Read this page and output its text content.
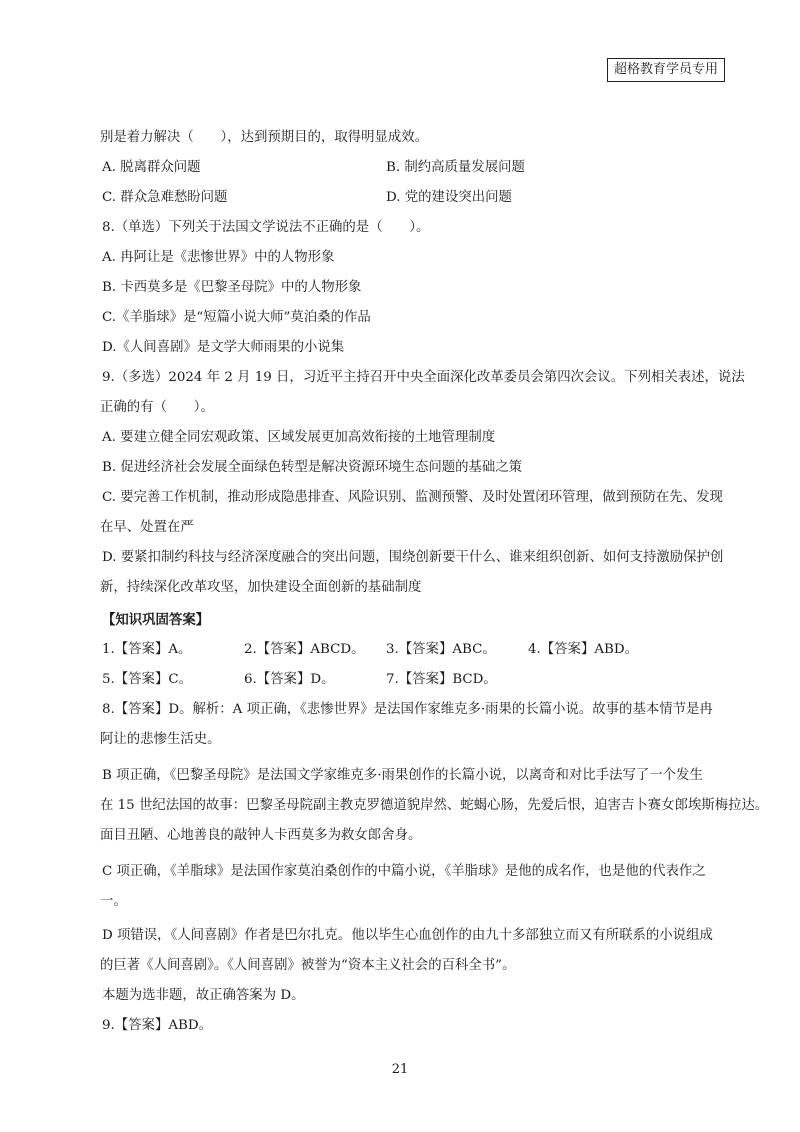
超格教育学员专用
别是着力解决（　　），达到预期目的，取得明显成效。
A. 脱离群众问题	B. 制约高质量发展问题
C. 群众急难愁盼问题	D. 党的建设突出问题
8.（单选）下列关于法国文学说法不正确的是（　　）。
A. 冉阿让是《悲惨世界》中的人物形象
B. 卡西莫多是《巴黎圣母院》中的人物形象
C.《羊脂球》是“短篇小说大师”莫泊桑的作品
D.《人间喜剧》是文学大师雨果的小说集
9.（多选）2024 年 2 月 19 日，习近平主持召开中央全面深化改革委员会第四次会议。下列相关表述，说法
正确的有（　　）。
A. 要建立健全同宏观政策、区域发展更加高效衔接的土地管理制度
B. 促进经济社会发展全面绿色转型是解决资源环境生态问题的基础之策
C. 要完善工作机制，推动形成隐患排查、风险识别、监测预警、及时处置闭环管理，做到预防在先、发现
在早、处置在严
D. 要紧扣制约科技与经济深度融合的突出问题，围绕创新要干什么、谁来组织创新、如何支持激励保护创
新，持续深化改革攻坚，加快建设全面创新的基础制度
【知识巩固答案】
1.【答案】A。	2.【答案】ABCD。 3.【答案】ABC。 4.【答案】ABD。
5.【答案】C。	6.【答案】D。	7.【答案】BCD。
8.【答案】D。解析：A 项正确，《悲惨世界》是法国作家维克多·雨果的长篇小说。故事的基本情节是冉
阿让的悲惨生活史。
B 项正确，《巴黎圣母院》是法国文学家维克多·雨果创作的长篇小说，以离奇和对比手法写了一个发生
在 15 世纪法国的故事：巴黎圣母院副主教克罗德道貌岸然、蛇蝎心肠，先爱后恨，迫害吉卜赛女郎埃斯梅拉达。
面目丑陋、心地善良的敲钟人卡西莫多为救女郎舍身。
C 项正确，《羊脂球》是法国作家莫泊桑创作的中篇小说，《羊脂球》是他的成名作，也是他的代表作之
一。
D 项错误，《人间喜剧》作者是巴尔扎克。他以毕生心血创作的由九十多部独立而又有所联系的小说组成
的巨著《人间喜剧》。《人间喜剧》被誉为“资本主义社会的百科全书”。
本题为选非题，故正确答案为 D。
9.【答案】ABD。
21
